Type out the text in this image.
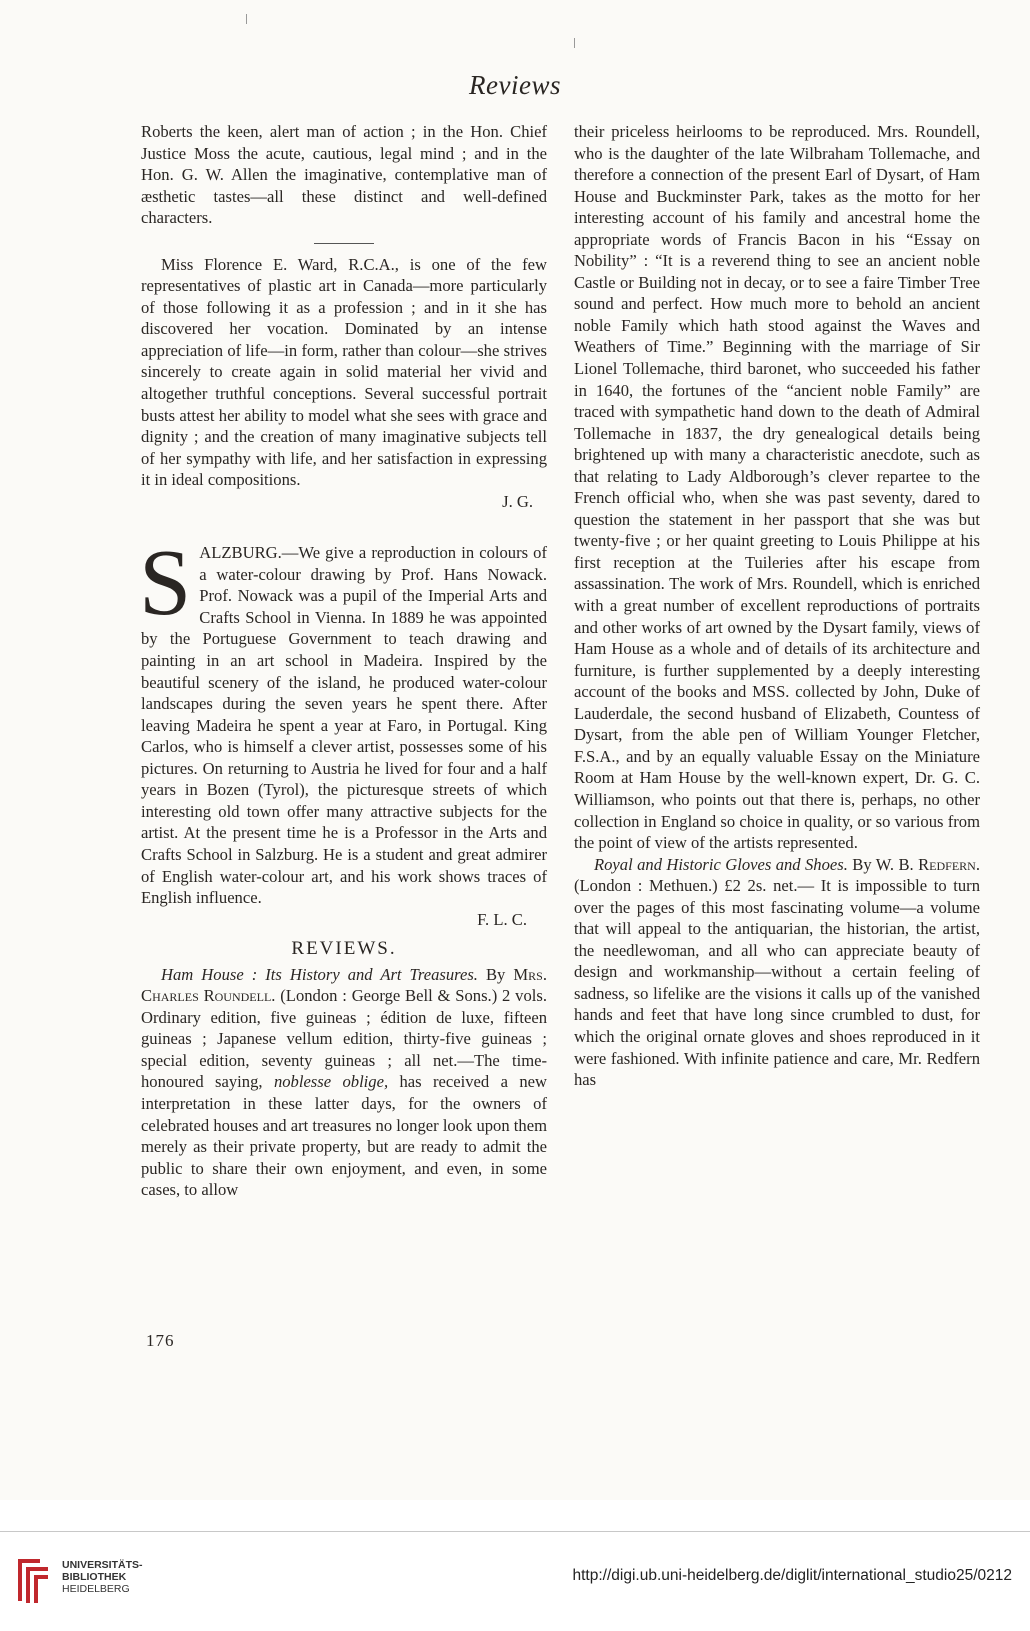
Reviews

Roberts the keen, alert man of action ; in the Hon. Chief Justice Moss the acute, cautious, legal mind ; and in the Hon. G. W. Allen the imaginative, contemplative man of æsthetic tastes—all these distinct and well-defined characters.

Miss Florence E. Ward, R.C.A., is one of the few representatives of plastic art in Canada—more particularly of those following it as a profession ; and in it she has discovered her vocation. Dominated by an intense appreciation of life—in form, rather than colour—she strives sincerely to create again in solid material her vivid and altogether truthful conceptions. Several successful portrait busts attest her ability to model what she sees with grace and dignity ; and the creation of many imaginative subjects tell of her sympathy with life, and her satisfaction in expressing it in ideal compositions.

J. G.

SALZBURG.—We give a reproduction in colours of a water-colour drawing by Prof. Hans Nowack. Prof. Nowack was a pupil of the Imperial Arts and Crafts School in Vienna. In 1889 he was appointed by the Portuguese Government to teach drawing and painting in an art school in Madeira. Inspired by the beautiful scenery of the island, he produced water-colour landscapes during the seven years he spent there. After leaving Madeira he spent a year at Faro, in Portugal. King Carlos, who is himself a clever artist, possesses some of his pictures. On returning to Austria he lived for four and a half years in Bozen (Tyrol), the picturesque streets of which interesting old town offer many attractive subjects for the artist. At the present time he is a Professor in the Arts and Crafts School in Salzburg. He is a student and great admirer of English water-colour art, and his work shows traces of English influence.

F. L. C.

REVIEWS.

Ham House : Its History and Art Treasures. By Mrs. Charles Roundell. (London : George Bell & Sons.) 2 vols. Ordinary edition, five guineas ; édition de luxe, fifteen guineas ; Japanese vellum edition, thirty-five guineas ; special edition, seventy guineas ; all net.—The time-honoured saying, noblesse oblige, has received a new interpretation in these latter days, for the owners of celebrated houses and art treasures no longer look upon them merely as their private property, but are ready to admit the public to share their own enjoyment, and even, in some cases, to allow

their priceless heirlooms to be reproduced. Mrs. Roundell, who is the daughter of the late Wilbraham Tollemache, and therefore a connection of the present Earl of Dysart, of Ham House and Buckminster Park, takes as the motto for her interesting account of his family and ancestral home the appropriate words of Francis Bacon in his “Essay on Nobility” : “It is a reverend thing to see an ancient noble Castle or Building not in decay, or to see a faire Timber Tree sound and perfect. How much more to behold an ancient noble Family which hath stood against the Waves and Weathers of Time.” Beginning with the marriage of Sir Lionel Tollemache, third baronet, who succeeded his father in 1640, the fortunes of the “ancient noble Family” are traced with sympathetic hand down to the death of Admiral Tollemache in 1837, the dry genealogical details being brightened up with many a characteristic anecdote, such as that relating to Lady Aldborough’s clever repartee to the French official who, when she was past seventy, dared to question the statement in her passport that she was but twenty-five ; or her quaint greeting to Louis Philippe at his first reception at the Tuileries after his escape from assassination. The work of Mrs. Roundell, which is enriched with a great number of excellent reproductions of portraits and other works of art owned by the Dysart family, views of Ham House as a whole and of details of its architecture and furniture, is further supplemented by a deeply interesting account of the books and MSS. collected by John, Duke of Lauderdale, the second husband of Elizabeth, Countess of Dysart, from the able pen of William Younger Fletcher, F.S.A., and by an equally valuable Essay on the Miniature Room at Ham House by the well-known expert, Dr. G. C. Williamson, who points out that there is, perhaps, no other collection in England so choice in quality, or so various from the point of view of the artists represented.

Royal and Historic Gloves and Shoes. By W. B. Redfern. (London : Methuen.) £2 2s. net.— It is impossible to turn over the pages of this most fascinating volume—a volume that will appeal to the antiquarian, the historian, the artist, the needlewoman, and all who can appreciate beauty of design and workmanship—without a certain feeling of sadness, so lifelike are the visions it calls up of the vanished hands and feet that have long since crumbled to dust, for which the original ornate gloves and shoes reproduced in it were fashioned. With infinite patience and care, Mr. Redfern has

176
UNIVERSITÄTS-
BIBLIOTHEK
HEIDELBERG
http://digi.ub.uni-heidelberg.de/diglit/international_studio25/0212
